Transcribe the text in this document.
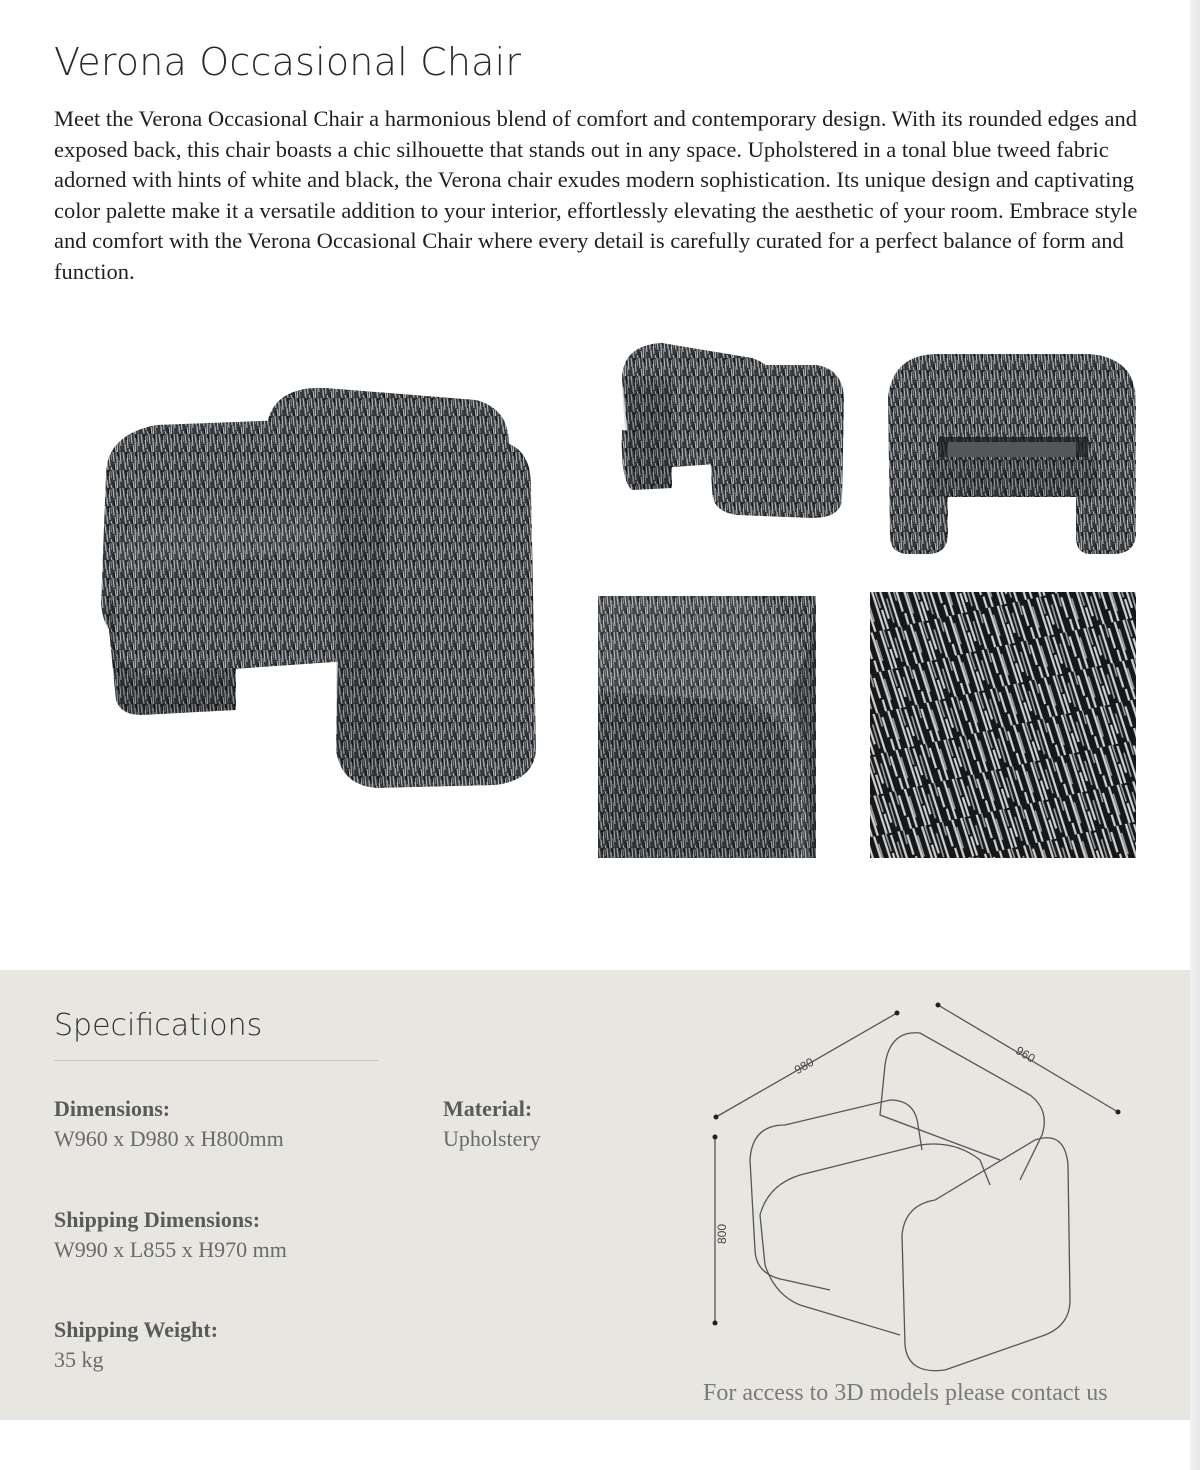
Verona Occasional Chair

Meet the Verona Occasional Chair a harmonious blend of comfort and contemporary design. With its rounded edges and exposed back, this chair boasts a chic silhouette that stands out in any space. Upholstered in a tonal blue tweed fabric adorned with hints of white and black, the Verona chair exudes modern sophistication. Its unique design and captivating color palette make it a versatile addition to your interior, effortlessly elevating the aesthetic of your room. Embrace style and comfort with the Verona Occasional Chair where every detail is carefully curated for a perfect balance of form and function.

Specifications
Dimensions:
W960 x D980 x H800mm
Material:
Upholstery
Shipping Dimensions:
W990 x L855 x H970 mm
Shipping Weight:
35 kg
980
960
800
For access to 3D models please contact us
